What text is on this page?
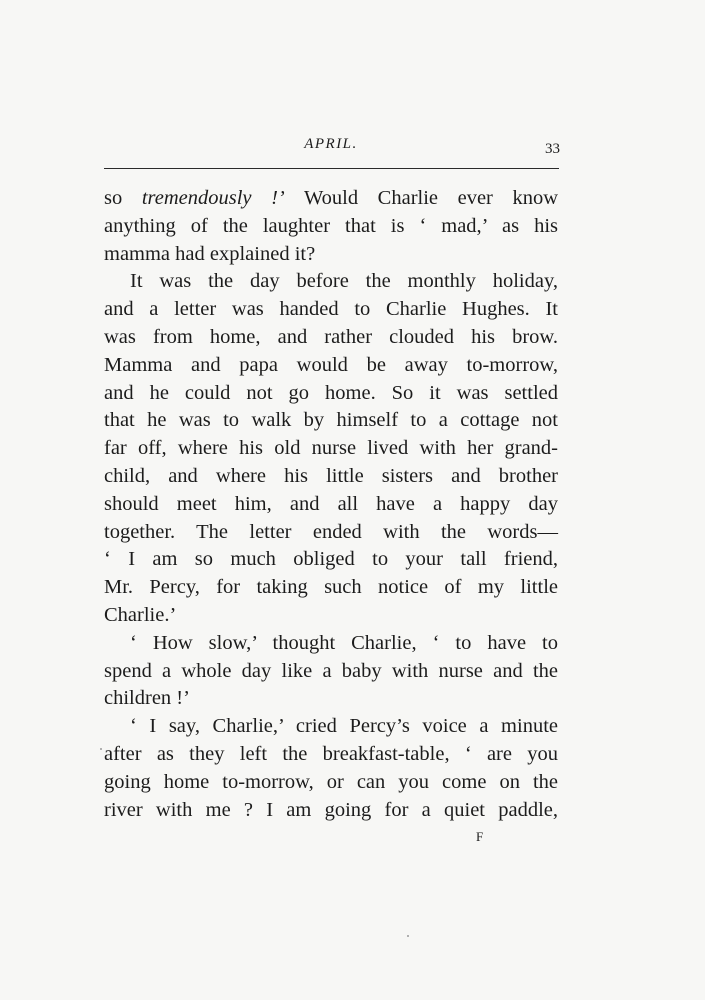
APRIL.	33
so tremendously !’ Would Charlie ever know
anything of the laughter that is ‘ mad,’ as his
mamma had explained it?
It was the day before the monthly holiday,
and a letter was handed to Charlie Hughes. It
was from home, and rather clouded his brow.
Mamma and papa would be away to-morrow,
and he could not go home. So it was settled
that he was to walk by himself to a cottage not
far off, where his old nurse lived with her grand-
child, and where his little sisters and brother
should meet him, and all have a happy day
together. The letter ended with the words—
‘ I am so much obliged to your tall friend,
Mr. Percy, for taking such notice of my little
Charlie.’
‘ How slow,’ thought Charlie, ‘ to have to
spend a whole day like a baby with nurse and the
children !’
‘ I say, Charlie,’ cried Percy’s voice a minute
after as they left the breakfast-table, ‘ are you
going home to-morrow, or can you come on the
river with me ? I am going for a quiet paddle,
F
